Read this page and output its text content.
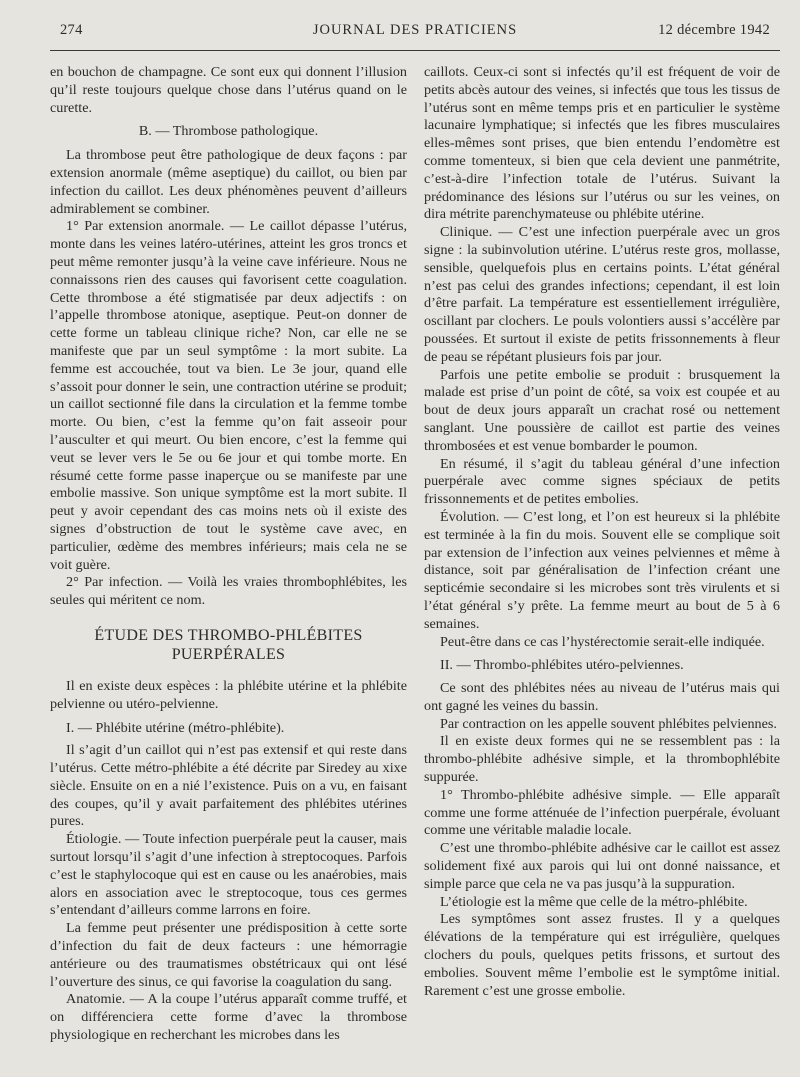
274	JOURNAL DES PRATICIENS	12 décembre 1942

en bouchon de champagne. Ce sont eux qui donnent l’illusion qu’il reste toujours quelque chose dans l’utérus quand on le curette.

B. — Thrombose pathologique.

La thrombose peut être pathologique de deux façons : par extension anormale (même aseptique) du caillot, ou bien par infection du caillot. Les deux phénomènes peuvent d’ailleurs admirablement se combiner.

1° Par extension anormale. — Le caillot dépasse l’utérus, monte dans les veines latéro-utérines, atteint les gros troncs et peut même remonter jusqu’à la veine cave inférieure. Nous ne connaissons rien des causes qui favorisent cette coagulation. Cette thrombose a été stigmatisée par deux adjectifs : on l’appelle thrombose atonique, aseptique. Peut-on donner de cette forme un tableau clinique riche? Non, car elle ne se manifeste que par un seul symptôme : la mort subite. La femme est accouchée, tout va bien. Le 3e jour, quand elle s’assoit pour donner le sein, une contraction utérine se produit; un caillot sectionné file dans la circulation et la femme tombe morte. Ou bien, c’est la femme qu’on fait asseoir pour l’ausculter et qui meurt. Ou bien encore, c’est la femme qui veut se lever vers le 5e ou 6e jour et qui tombe morte. En résumé cette forme passe inaperçue ou se manifeste par une embolie massive. Son unique symptôme est la mort subite. Il peut y avoir cependant des cas moins nets où il existe des signes d’obstruction de tout le système cave avec, en particulier, œdème des membres inférieurs; mais cela ne se voit guère.

2° Par infection. — Voilà les vraies thrombophlébites, les seules qui méritent ce nom.

ÉTUDE DES THROMBO-PHLÉBITES PUERPÉRALES

Il en existe deux espèces : la phlébite utérine et la phlébite pelvienne ou utéro-pelvienne.

I. — Phlébite utérine (métro-phlébite).

Il s’agit d’un caillot qui n’est pas extensif et qui reste dans l’utérus. Cette métro-phlébite a été décrite par Siredey au xixe siècle. Ensuite on en a nié l’existence. Puis on a vu, en faisant des coupes, qu’il y avait parfaitement des phlébites utérines pures.

Étiologie. — Toute infection puerpérale peut la causer, mais surtout lorsqu’il s’agit d’une infection à streptocoques. Parfois c’est le staphylocoque qui est en cause ou les anaérobies, mais alors en association avec le streptocoque, tous ces germes s’entendant d’ailleurs comme larrons en foire.

La femme peut présenter une prédisposition à cette sorte d’infection du fait de deux facteurs : une hémorragie antérieure ou des traumatismes obstétricaux qui ont lésé l’ouverture des sinus, ce qui favorise la coagulation du sang.

Anatomie. — A la coupe l’utérus apparaît comme truffé, et on différenciera cette forme d’avec la thrombose physiologique en recherchant les microbes dans les

caillots. Ceux-ci sont si infectés qu’il est fréquent de voir de petits abcès autour des veines, si infectés que tous les tissus de l’utérus sont en même temps pris et en particulier le système lacunaire lymphatique; si infectés que les fibres musculaires elles-mêmes sont prises, que bien entendu l’endomètre est comme tomenteux, si bien que cela devient une panmétrite, c’est-à-dire l’infection totale de l’utérus. Suivant la prédominance des lésions sur l’utérus ou sur les veines, on dira métrite parenchymateuse ou phlébite utérine.

Clinique. — C’est une infection puerpérale avec un gros signe : la subinvolution utérine. L’utérus reste gros, mollasse, sensible, quelquefois plus en certains points. L’état général n’est pas celui des grandes infections; cependant, il est loin d’être parfait. La température est essentiellement irrégulière, oscillant par clochers. Le pouls volontiers aussi s’accélère par poussées. Et surtout il existe de petits frissonnements à fleur de peau se répétant plusieurs fois par jour.

Parfois une petite embolie se produit : brusquement la malade est prise d’un point de côté, sa voix est coupée et au bout de deux jours apparaît un crachat rosé ou nettement sanglant. Une poussière de caillot est partie des veines thrombosées et est venue bombarder le poumon.

En résumé, il s’agit du tableau général d’une infection puerpérale avec comme signes spéciaux de petits frissonnements et de petites embolies.

Évolution. — C’est long, et l’on est heureux si la phlébite est terminée à la fin du mois. Souvent elle se complique soit par extension de l’infection aux veines pelviennes et même à distance, soit par généralisation de l’infection créant une septicémie secondaire si les microbes sont très virulents et si l’état général s’y prête. La femme meurt au bout de 5 à 6 semaines.

Peut-être dans ce cas l’hystérectomie serait-elle indiquée.

II. — Thrombo-phlébites utéro-pelviennes.

Ce sont des phlébites nées au niveau de l’utérus mais qui ont gagné les veines du bassin.

Par contraction on les appelle souvent phlébites pelviennes.

Il en existe deux formes qui ne se ressemblent pas : la thrombo-phlébite adhésive simple, et la thrombophlébite suppurée.

1° Thrombo-phlébite adhésive simple. — Elle apparaît comme une forme atténuée de l’infection puerpérale, évoluant comme une véritable maladie locale.

C’est une thrombo-phlébite adhésive car le caillot est assez solidement fixé aux parois qui lui ont donné naissance, et simple parce que cela ne va pas jusqu’à la suppuration.

L’étiologie est la même que celle de la métro-phlébite.

Les symptômes sont assez frustes. Il y a quelques élévations de la température qui est irrégulière, quelques clochers du pouls, quelques petits frissons, et surtout des embolies. Souvent même l’embolie est le symptôme initial. Rarement c’est une grosse embolie.
